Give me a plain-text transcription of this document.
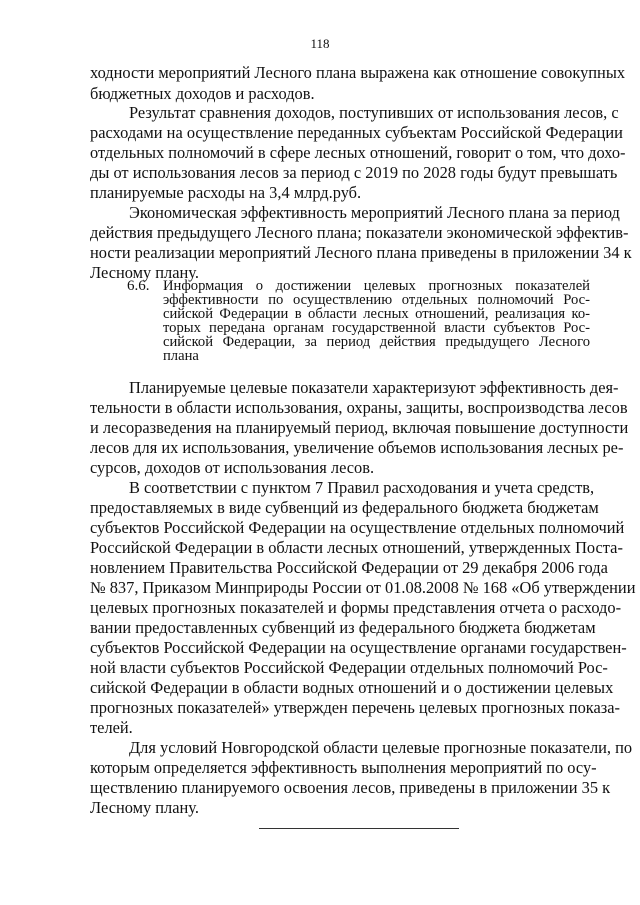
118
ходности мероприятий Лесного плана выражена как отношение совокупных
бюджетных доходов и расходов.
Результат сравнения доходов, поступивших от использования лесов, с
расходами на осуществление переданных субъектам Российской Федерации
отдельных полномочий в сфере лесных отношений, говорит о том, что дохо-
ды от использования лесов за период с 2019 по 2028 годы будут превышать
планируемые расходы на 3,4 млрд.руб.
Экономическая эффективность мероприятий Лесного плана за период
действия предыдущего Лесного плана; показатели экономической эффектив-
ности реализации мероприятий Лесного плана приведены в приложении 34 к
Лесному плану.
6.6. Информация о достижении целевых прогнозных показателей
эффективности по осуществлению отдельных полномочий Рос-
сийской Федерации в области лесных отношений, реализация ко-
торых передана органам государственной власти субъектов Рос-
сийской Федерации, за период действия предыдущего Лесного
плана
Планируемые целевые показатели характеризуют эффективность дея-
тельности в области использования, охраны, защиты, воспроизводства лесов
и лесоразведения на планируемый период, включая повышение доступности
лесов для их использования, увеличение объемов использования лесных ре-
сурсов, доходов от использования лесов.
В соответствии с пунктом 7 Правил расходования и учета средств,
предоставляемых в виде субвенций из федерального бюджета бюджетам
субъектов Российской Федерации на осуществление отдельных полномочий
Российской Федерации в области лесных отношений, утвержденных Поста-
новлением Правительства Российской Федерации от 29 декабря 2006 года
№ 837, Приказом Минприроды России от 01.08.2008 № 168 «Об утверждении
целевых прогнозных показателей и формы представления отчета о расходо-
вании предоставленных субвенций из федерального бюджета бюджетам
субъектов Российской Федерации на осуществление органами государствен-
ной власти субъектов Российской Федерации отдельных полномочий Рос-
сийской Федерации в области водных отношений и о достижении целевых
прогнозных показателей» утвержден перечень целевых прогнозных показа-
телей.
Для условий Новгородской области целевые прогнозные показатели, по
которым определяется эффективность выполнения мероприятий по осу-
ществлению планируемого освоения лесов, приведены в приложении 35 к
Лесному плану.
